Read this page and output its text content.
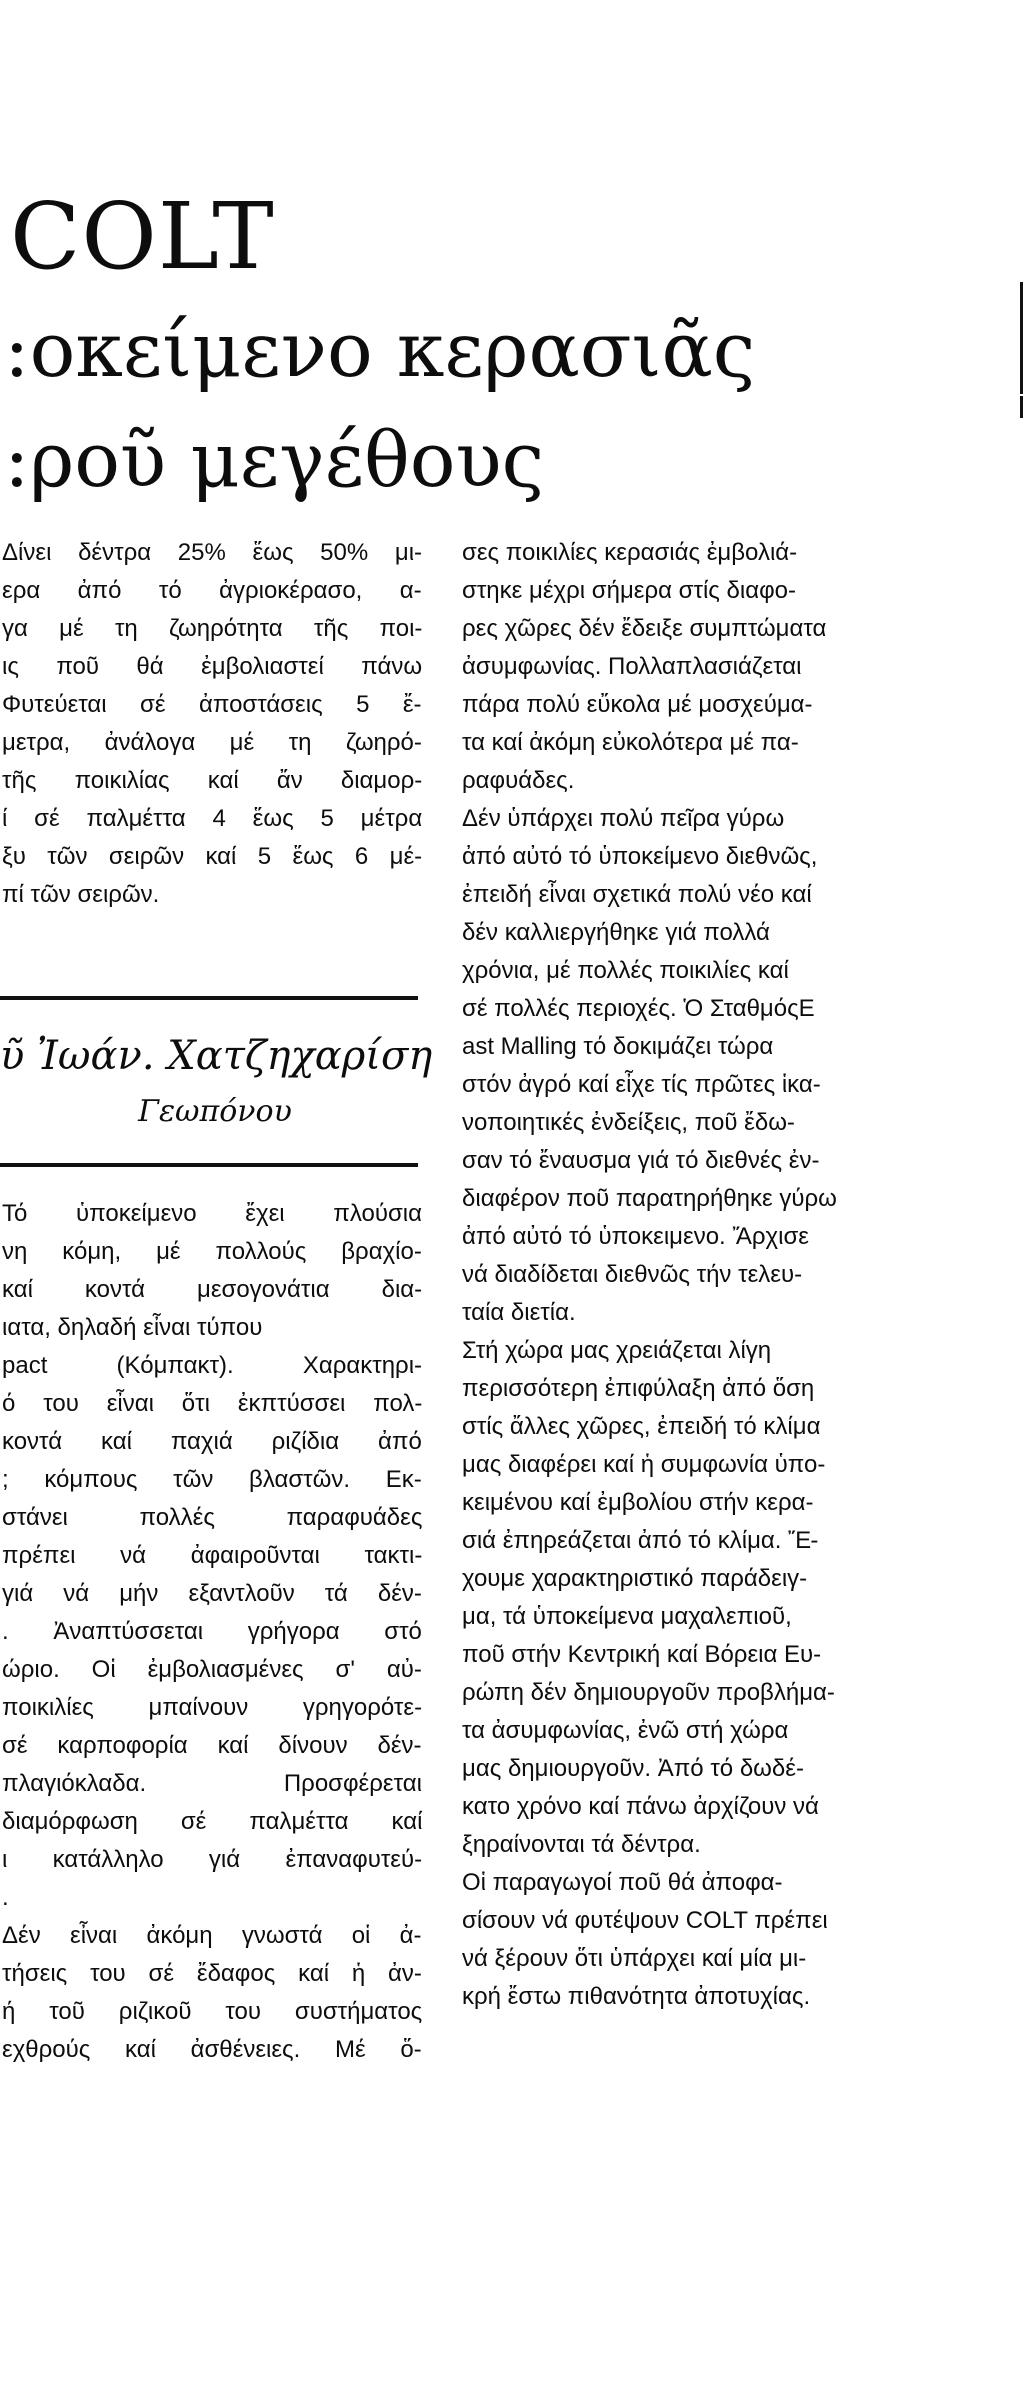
COLT
:οκείμενο κερασιᾶς
:ροῦ μεγέθους

Δίνει δέντρα 25% ἕως 50% μι-

ερα ἀπό τό ἀγριοκέρασο, α-

γα μέ τη ζωηρότητα τῆς ποι-

ις ποῦ θά ἐμβολιαστεί πάνω

Φυτεύεται σέ ἀποστάσεις 5 ἔ-

μετρα, ἀνάλογα μέ τη ζωηρό-

τῆς ποικιλίας καί ἄν διαμορ-

ί σέ παλμέττα 4 ἕως 5 μέτρα

ξυ τῶν σειρῶν καί 5 ἕως 6 μέ-

πί τῶν σειρῶν.

ῦ Ἰωάν. Χατζηχαρίση
Γεωπόνου

Τό ὑποκείμενο ἔχει πλούσια

νη κόμη, μέ πολλούς βραχίο-

καί κοντά μεσογονάτια δια-

ιατα, δηλαδή εἶναι τύπου

pact (Κόμπακτ). Χαρακτηρι-

ό του εἶναι ὅτι ἐκπτύσσει πολ-

κοντά καί παχιά ριζίδια ἀπό

; κόμπους τῶν βλαστῶν. Εκ-

στάνει πολλές παραφυάδες

πρέπει νά ἀφαιροῦνται τακτι-

γιά νά μήν εξαντλοῦν τά δέν-

. Ἀναπτύσσεται γρήγορα στό

ώριο. Οἱ ἐμβολιασμένες σ' αὐ-

ποικιλίες μπαίνουν γρηγορότε-

σέ καρποφορία καί δίνουν δέν-

πλαγιόκλαδα. Προσφέρεται

διαμόρφωση σέ παλμέττα καί

ι κατάλληλο γιά ἐπαναφυτεύ-

.

Δέν εἶναι ἀκόμη γνωστά οἱ ἀ-

τήσεις του σέ ἔδαφος καί ἡ ἀν-

ή τοῦ ριζικοῦ του συστήματος

εχθρούς καί ἀσθένειες. Μέ ὅ-

σες ποικιλίες κερασιάς ἐμβολιά-

στηκε μέχρι σήμερα στίς διαφο-

ρες χῶρες δέν ἔδειξε συμπτώματα

ἀσυμφωνίας. Πολλαπλασιάζεται

πάρα πολύ εὔκολα μέ μοσχεύμα-

τα καί ἀκόμη εὐκολότερα μέ πα-

ραφυάδες.

Δέν ὑπάρχει πολύ πεῖρα γύρω

ἀπό αὐτό τό ὑποκείμενο διεθνῶς,

ἐπειδή εἶναι σχετικά πολύ νέο καί

δέν καλλιεργήθηκε γιά πολλά

χρόνια, μέ πολλές ποικιλίες καί

σέ πολλές περιοχές. Ὁ ΣταθμόςΕ

ast Malling τό δοκιμάζει τώρα

στόν ἀγρό καί εἶχε τίς πρῶτες ἱκα-

νοποιητικές ἐνδείξεις, ποῦ ἔδω-

σαν τό ἔναυσμα γιά τό διεθνές ἐν-

διαφέρον ποῦ παρατηρήθηκε γύρω

ἀπό αὐτό τό ὑποκειμενο. Ἄρχισε

νά διαδίδεται διεθνῶς τήν τελευ-

ταία διετία.

Στή χώρα μας χρειάζεται λίγη

περισσότερη ἐπιφύλαξη ἀπό ὅση

στίς ἄλλες χῶρες, ἐπειδή τό κλίμα

μας διαφέρει καί ἡ συμφωνία ὑπο-

κειμένου καί ἐμβολίου στήν κερα-

σιά ἐπηρεάζεται ἀπό τό κλίμα. Ἔ-

χουμε χαρακτηριστικό παράδειγ-

μα, τά ὑποκείμενα μαχαλεπιοῦ,

ποῦ στήν Κεντρική καί Βόρεια Ευ-

ρώπη δέν δημιουργοῦν προβλήμα-

τα ἀσυμφωνίας, ἐνῶ στή χώρα

μας δημιουργοῦν. Ἀπό τό δωδέ-

κατο χρόνο καί πάνω ἀρχίζουν νά

ξηραίνονται τά δέντρα.

Οἱ παραγωγοί ποῦ θά ἀποφα-

σίσουν νά φυτέψουν COLT πρέπει

νά ξέρουν ὅτι ὑπάρχει καί μία μι-

κρή ἔστω πιθανότητα ἀποτυχίας.
